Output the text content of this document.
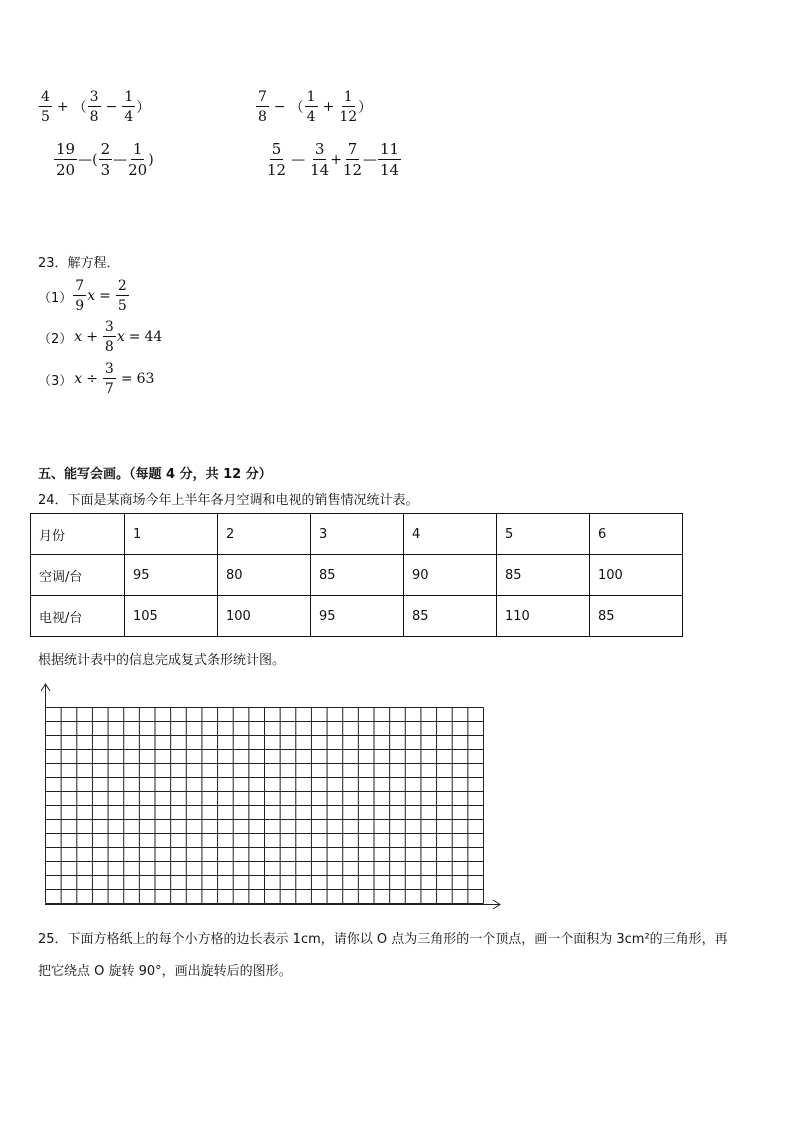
$\frac{4}{5}$ + （ $\frac{3}{8} - \frac{1}{4}$ ）	$\frac{7}{8}$ − （ $\frac{1}{4} + \frac{1}{12}$ ）
$\frac{19}{20}$ — ( $\frac{2}{3}$ — $\frac{1}{20}$ )	$\frac{5}{12}$ — $\frac{3}{14} + \frac{7}{12}$ — $\frac{11}{14}$
23．解方程．
$(1) \frac{7}{9}$ $x = \frac{2}{5}$
（2） $x + \frac{3}{8}$ x = 44
（3） $x \div \frac{3}{7} = 63$
五、能写会画。（每题 4 分，共 12 分）
24．下面是某商场今年上半年各月空调和电视的销售情况统计表。
月份	1	2	3	4	5	6
空调/台	95	80	85	90	85	100
电视/台	105	100	95	85	110	85
根据统计表中的信息完成复式条形统计图。
25．下面方格纸上的每个小方格的边长表示 1cm，请你以 O 点为三角形的一个顶点，画一个面积为 3cm²的三角形，再
把它绕点 O 旋转 90°，画出旋转后的图形。
